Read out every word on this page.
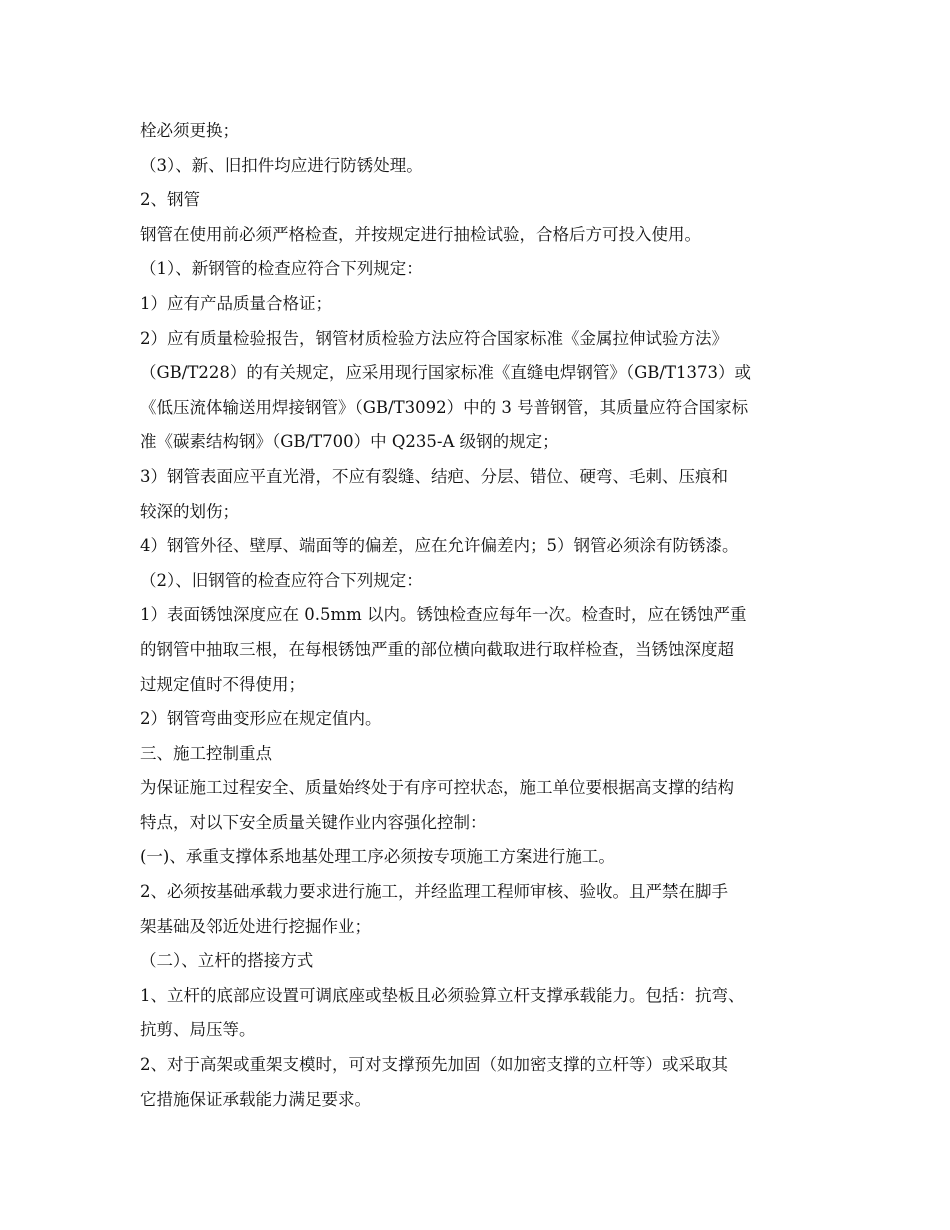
栓必须更换；

（3）、新、旧扣件均应进行防锈处理。

2、钢管

钢管在使用前必须严格检查，并按规定进行抽检试验，合格后方可投入使用。

（1）、新钢管的检查应符合下列规定：

1）应有产品质量合格证；

2）应有质量检验报告，钢管材质检验方法应符合国家标准《金属拉伸试验方法》

（GB/T228）的有关规定，应采用现行国家标准《直缝电焊钢管》（GB/T1373）或

《低压流体输送用焊接钢管》（GB/T3092）中的 3 号普钢管，其质量应符合国家标

准《碳素结构钢》（GB/T700）中 Q235-A 级钢的规定；

3）钢管表面应平直光滑，不应有裂缝、结疤、分层、错位、硬弯、毛刺、压痕和

较深的划伤；

4）钢管外径、壁厚、端面等的偏差，应在允许偏差内；5）钢管必须涂有防锈漆。

（2）、旧钢管的检查应符合下列规定：

1）表面锈蚀深度应在 0.5mm 以内。锈蚀检查应每年一次。检查时，应在锈蚀严重

的钢管中抽取三根，在每根锈蚀严重的部位横向截取进行取样检查，当锈蚀深度超

过规定值时不得使用；

2）钢管弯曲变形应在规定值内。

三、施工控制重点

为保证施工过程安全、质量始终处于有序可控状态，施工单位要根据高支撑的结构

特点，对以下安全质量关键作业内容强化控制：

(一)、承重支撑体系地基处理工序必须按专项施工方案进行施工。

2、必须按基础承载力要求进行施工，并经监理工程师审核、验收。且严禁在脚手

架基础及邻近处进行挖掘作业；

（二）、立杆的搭接方式

1、立杆的底部应设置可调底座或垫板且必须验算立杆支撑承载能力。包括：抗弯、

抗剪、局压等。

2、对于高架或重架支模时，可对支撑预先加固（如加密支撑的立杆等）或采取其

它措施保证承载能力满足要求。
